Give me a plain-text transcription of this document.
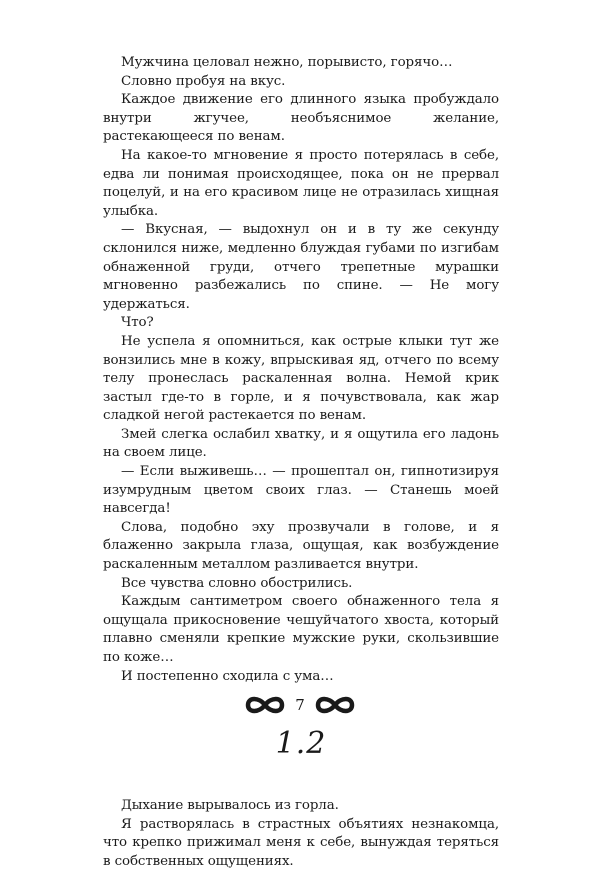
Мужчина целовал нежно, порывисто, горячо…

Словно пробуя на вкус.

Каждое движение его длинного языка пробуждало внутри жгучее, необъяснимое желание, растекающееся по венам.

На какое-то мгновение я просто потерялась в себе, едва ли понимая происходящее, пока он не прервал поцелуй, и на его красивом лице не отразилась хищная улыбка.

— Вкусная, — выдохнул он и в ту же секунду склонился ниже, медленно блуждая губами по изгибам обнаженной груди, отчего трепетные мурашки мгновенно разбежались по спине. — Не могу удержаться.

Что?

Не успела я опомниться, как острые клыки тут же вонзились мне в кожу, впрыскивая яд, отчего по всему телу пронеслась раскаленная волна. Немой крик застыл где-то в горле, и я почувствовала, как жар сладкой негой растекается по венам.

Змей слегка ослабил хватку, и я ощутила его ладонь на своем лице.

— Если выживешь… — прошептал он, гипнотизируя изумрудным цветом своих глаз. — Станешь моей навсегда!

Слова, подобно эху прозвучали в голове, и я блаженно закрыла глаза, ощущая, как возбуждение раскаленным металлом разливается внутри.

Все чувства словно обострились.

Каждым сантиметром своего обнаженного тела я ощущала прикосновение чешуйчатого хвоста, который плавно сменяли крепкие мужские руки, скользившие по коже…

И постепенно сходила с ума…

1.2

Дыхание вырывалось из горла.

Я растворялась в страстных объятиях незнакомца, что крепко прижимал меня к себе, вынуждая теряться в собственных ощущениях.

7
